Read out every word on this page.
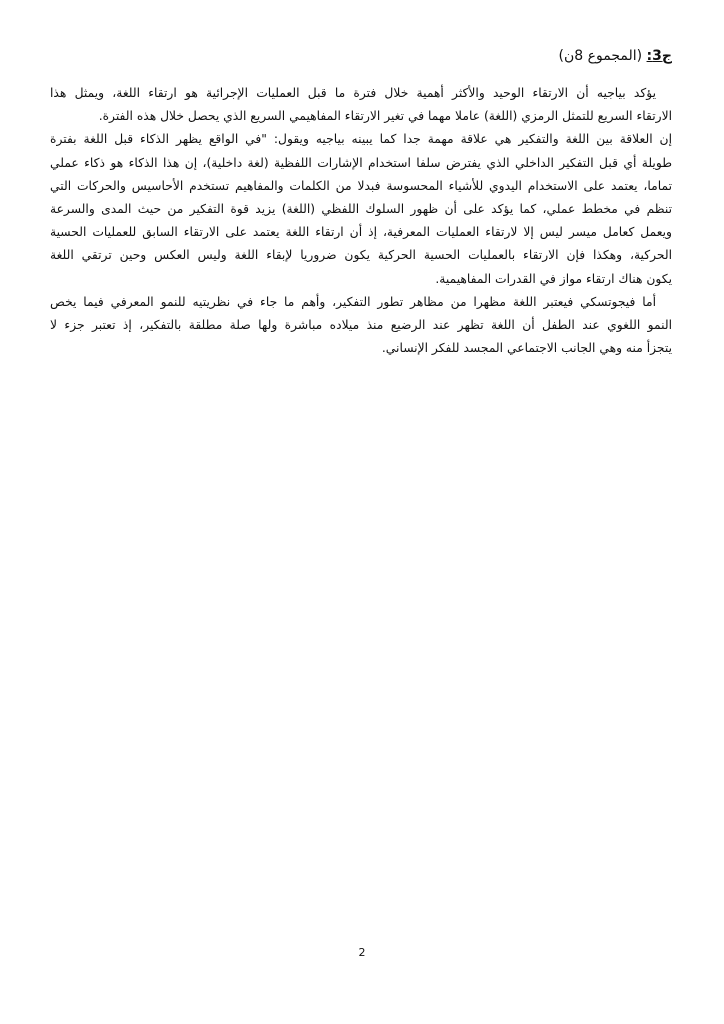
ج3: (المجموع 8ن)
يؤكد بياجيه أن الارتقاء الوحيد والأكثر أهمية خلال فترة ما قبل العمليات الإجرائية هو ارتقاء اللغة، ويمثل هذا
الارتقاء السريع للتمثل الرمزي (اللغة) عاملا مهما في تغير الارتقاء المفاهيمي السريع الذي يحصل خلال هذه الفترة.
إن العلاقة بين اللغة والتفكير هي علاقة مهمة جدا كما يبينه بياجيه ويقول: "في الواقع يظهر الذكاء قبل اللغة بفترة
طويلة أي قبل التفكير الداخلي الذي يفترض سلفا استخدام الإشارات اللفظية (لغة داخلية)، إن هذا الذكاء هو ذكاء عملي
تماما، يعتمد على الاستخدام اليدوي للأشياء المحسوسة فبدلا من الكلمات والمفاهيم تستخدم الأحاسيس والحركات التي
تنظم في مخطط عملي، كما يؤكد على أن ظهور السلوك اللفظي (اللغة) يزيد قوة التفكير من حيث المدى والسرعة
ويعمل كعامل ميسر ليس إلا لارتقاء العمليات المعرفية، إذ أن ارتقاء اللغة يعتمد على الارتقاء السابق للعمليات الحسية
الحركية، وهكذا فإن الارتقاء بالعمليات الحسية الحركية يكون ضروريا لإبقاء اللغة وليس العكس وحين ترتقي اللغة
يكون هناك ارتقاء مواز في القدرات المفاهيمية.
أما فيجوتسكي فيعتبر اللغة مظهرا من مظاهر تطور التفكير، وأهم ما جاء في نظريتيه للنمو المعرفي فيما يخص
النمو اللغوي عند الطفل أن اللغة تظهر عند الرضيع منذ ميلاده مباشرة ولها صلة مطلقة بالتفكير، إذ تعتبر جزء لا
يتجزأ منه وهي الجانب الاجتماعي المجسد للفكر الإنساني.
2
